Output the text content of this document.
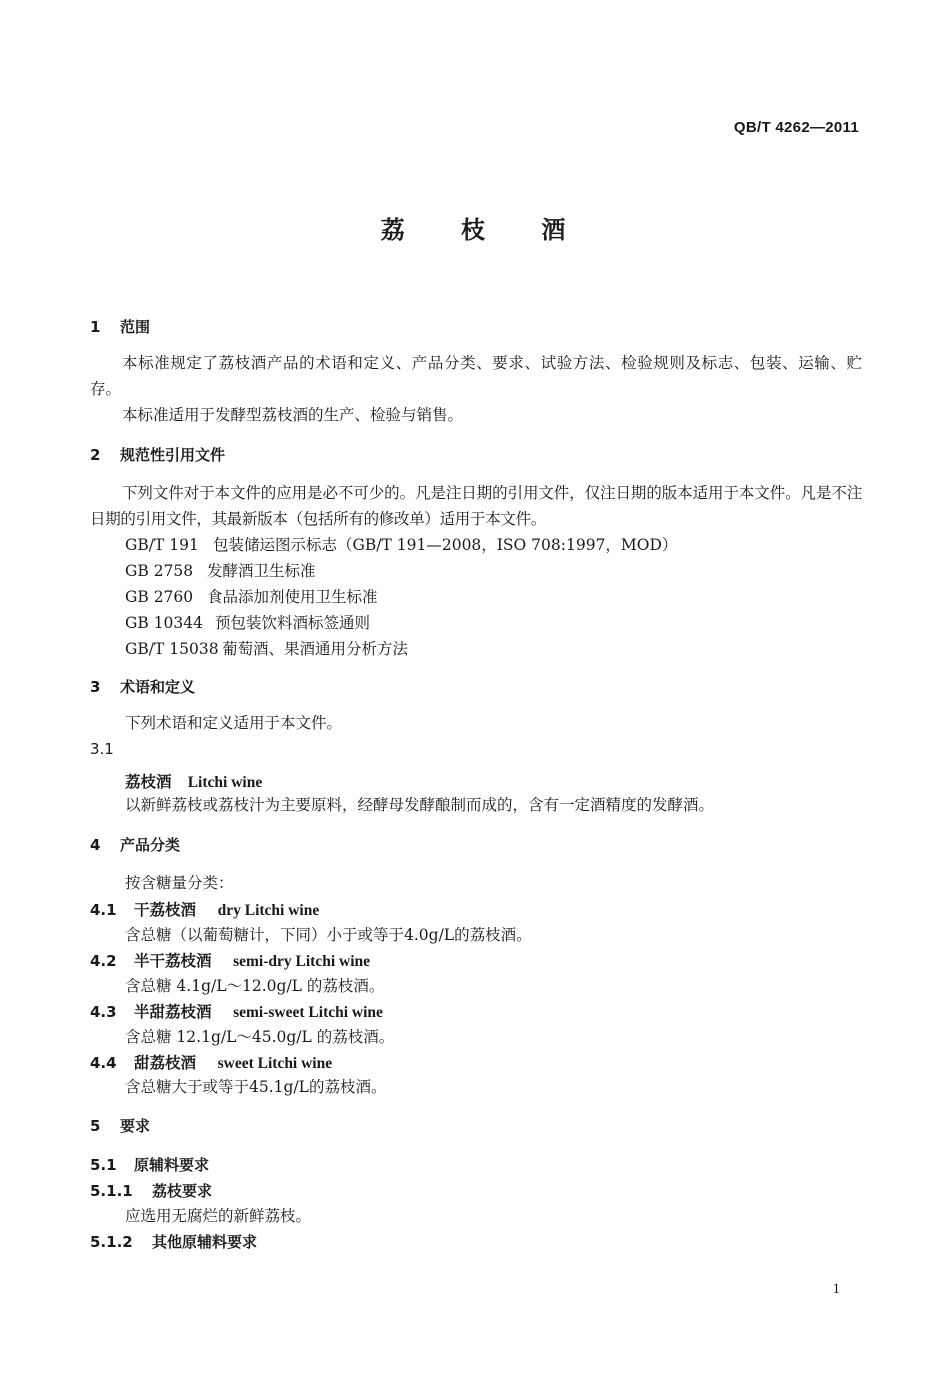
QB/T 4262—2011
荔 枝 酒
1 范围
本标准规定了荔枝酒产品的术语和定义、产品分类、要求、试验方法、检验规则及标志、包装、运输、贮存。
本标准适用于发酵型荔枝酒的生产、检验与销售。
2 规范性引用文件
下列文件对于本文件的应用是必不可少的。凡是注日期的引用文件，仅注日期的版本适用于本文件。凡是不注日期的引用文件，其最新版本（包括所有的修改单）适用于本文件。
GB/T 191 包装储运图示标志（GB/T 191—2008，ISO 708:1997，MOD）
GB 2758 发酵酒卫生标准
GB 2760 食品添加剂使用卫生标准
GB 10344 预包装饮料酒标签通则
GB/T 15038 葡萄酒、果酒通用分析方法
3 术语和定义
下列术语和定义适用于本文件。
3.1
荔枝酒 Litchi wine
以新鲜荔枝或荔枝汁为主要原料，经酵母发酵酿制而成的，含有一定酒精度的发酵酒。
4 产品分类
按含糖量分类：
4.1 干荔枝酒 dry Litchi wine
含总糖（以葡萄糖计，下同）小于或等于4.0g/L的荔枝酒。
4.2 半干荔枝酒 semi-dry Litchi wine
含总糖 4.1g/L～12.0g/L 的荔枝酒。
4.3 半甜荔枝酒 semi-sweet Litchi wine
含总糖 12.1g/L～45.0g/L 的荔枝酒。
4.4 甜荔枝酒 sweet Litchi wine
含总糖大于或等于45.1g/L的荔枝酒。
5 要求
5.1 原辅料要求
5.1.1 荔枝要求
应选用无腐烂的新鲜荔枝。
5.1.2 其他原辅料要求
1
